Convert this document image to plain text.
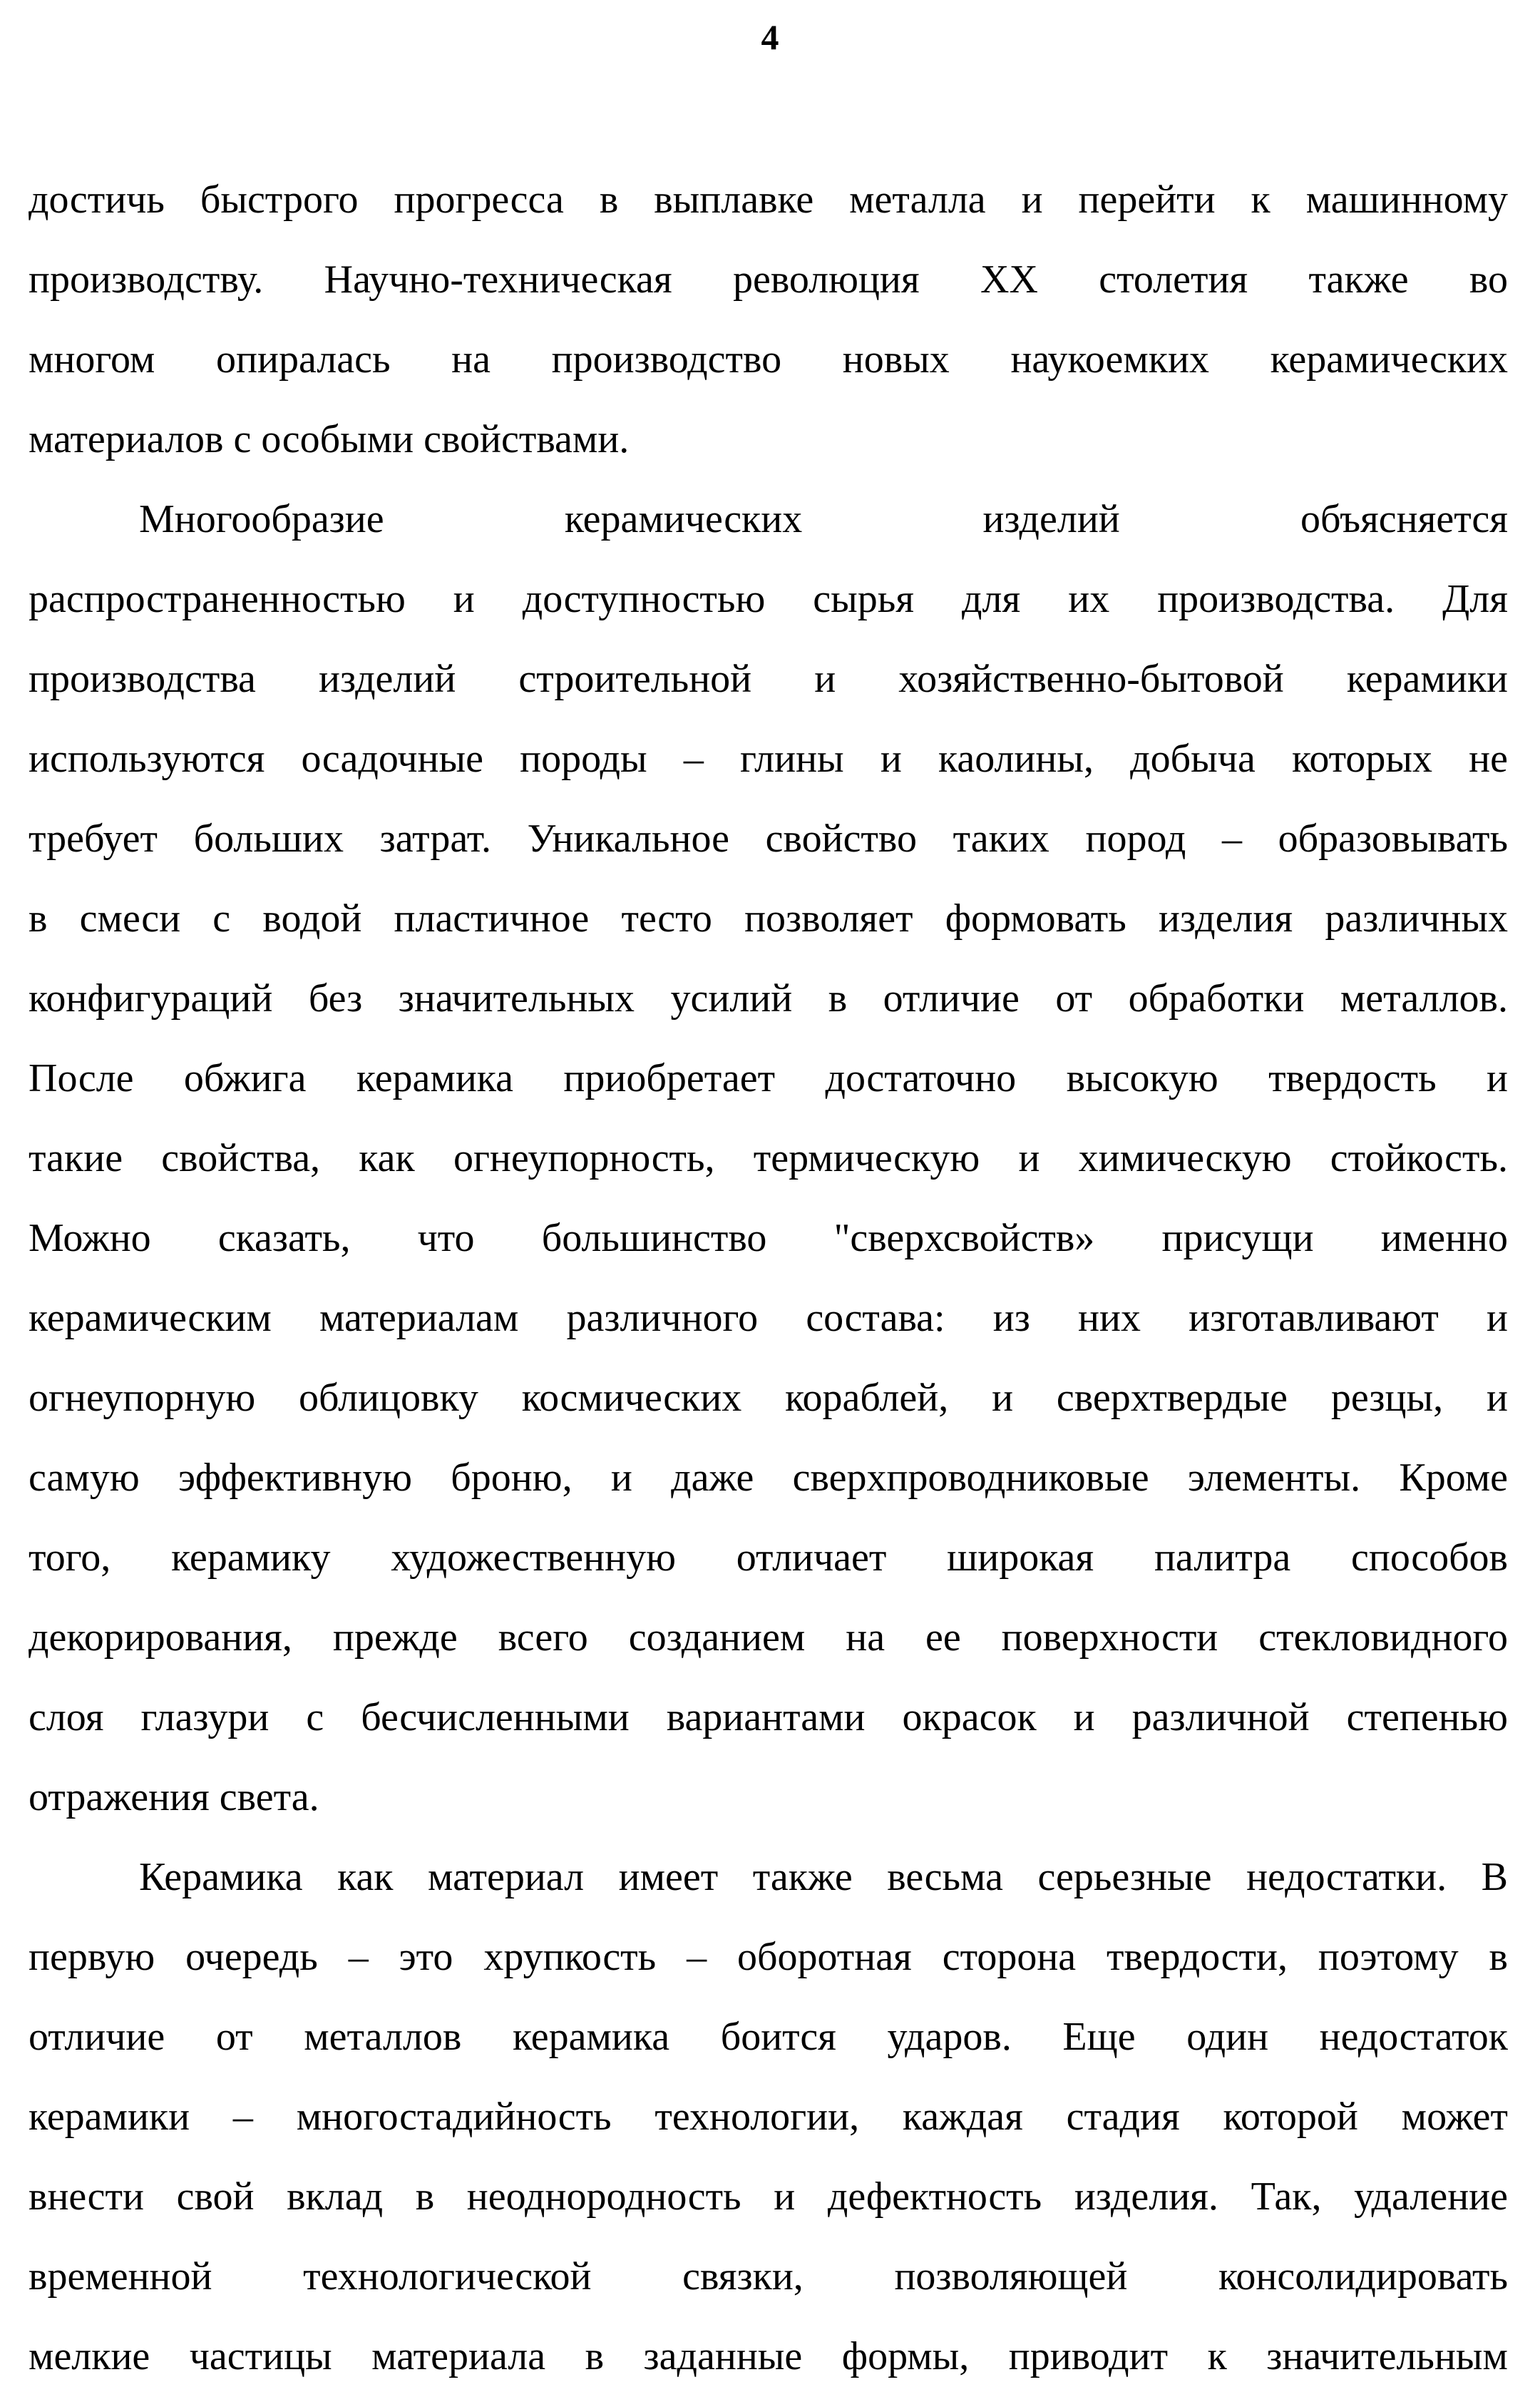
4
достичь быстрого прогресса в выплавке металла и перейти к машинному
производству. Научно-техническая революция XX столетия также во
многом опиралась на производство новых наукоемких керамических
материалов с особыми свойствами.
Многообразие керамических изделий объясняется
распространенностью и доступностью сырья для их производства. Для
производства изделий строительной и хозяйственно-бытовой керамики
используются осадочные породы – глины и каолины, добыча которых не
требует больших затрат. Уникальное свойство таких пород – образовывать
в смеси с водой пластичное тесто позволяет формовать изделия различных
конфигураций без значительных усилий в отличие от обработки металлов.
После обжига керамика приобретает достаточно высокую твердость и
такие свойства, как огнеупорность, термическую и химическую стойкость.
Можно сказать, что большинство "сверхсвойств» присущи именно
керамическим материалам различного состава: из них изготавливают и
огнеупорную облицовку космических кораблей, и сверхтвердые резцы, и
самую эффективную броню, и даже сверхпроводниковые элементы. Кроме
того, керамику художественную отличает широкая палитра способов
декорирования, прежде всего созданием на ее поверхности стекловидного
слоя глазури с бесчисленными вариантами окрасок и различной степенью
отражения света.
Керамика как материал имеет также весьма серьезные недостатки. В
первую очередь – это хрупкость – оборотная сторона твердости, поэтому в
отличие от металлов керамика боится ударов. Еще один недостаток
керамики – многостадийность технологии, каждая стадия которой может
внести свой вклад в неоднородность и дефектность изделия. Так, удаление
временной технологической связки, позволяющей консолидировать
мелкие частицы материала в заданные формы, приводит к значительным
